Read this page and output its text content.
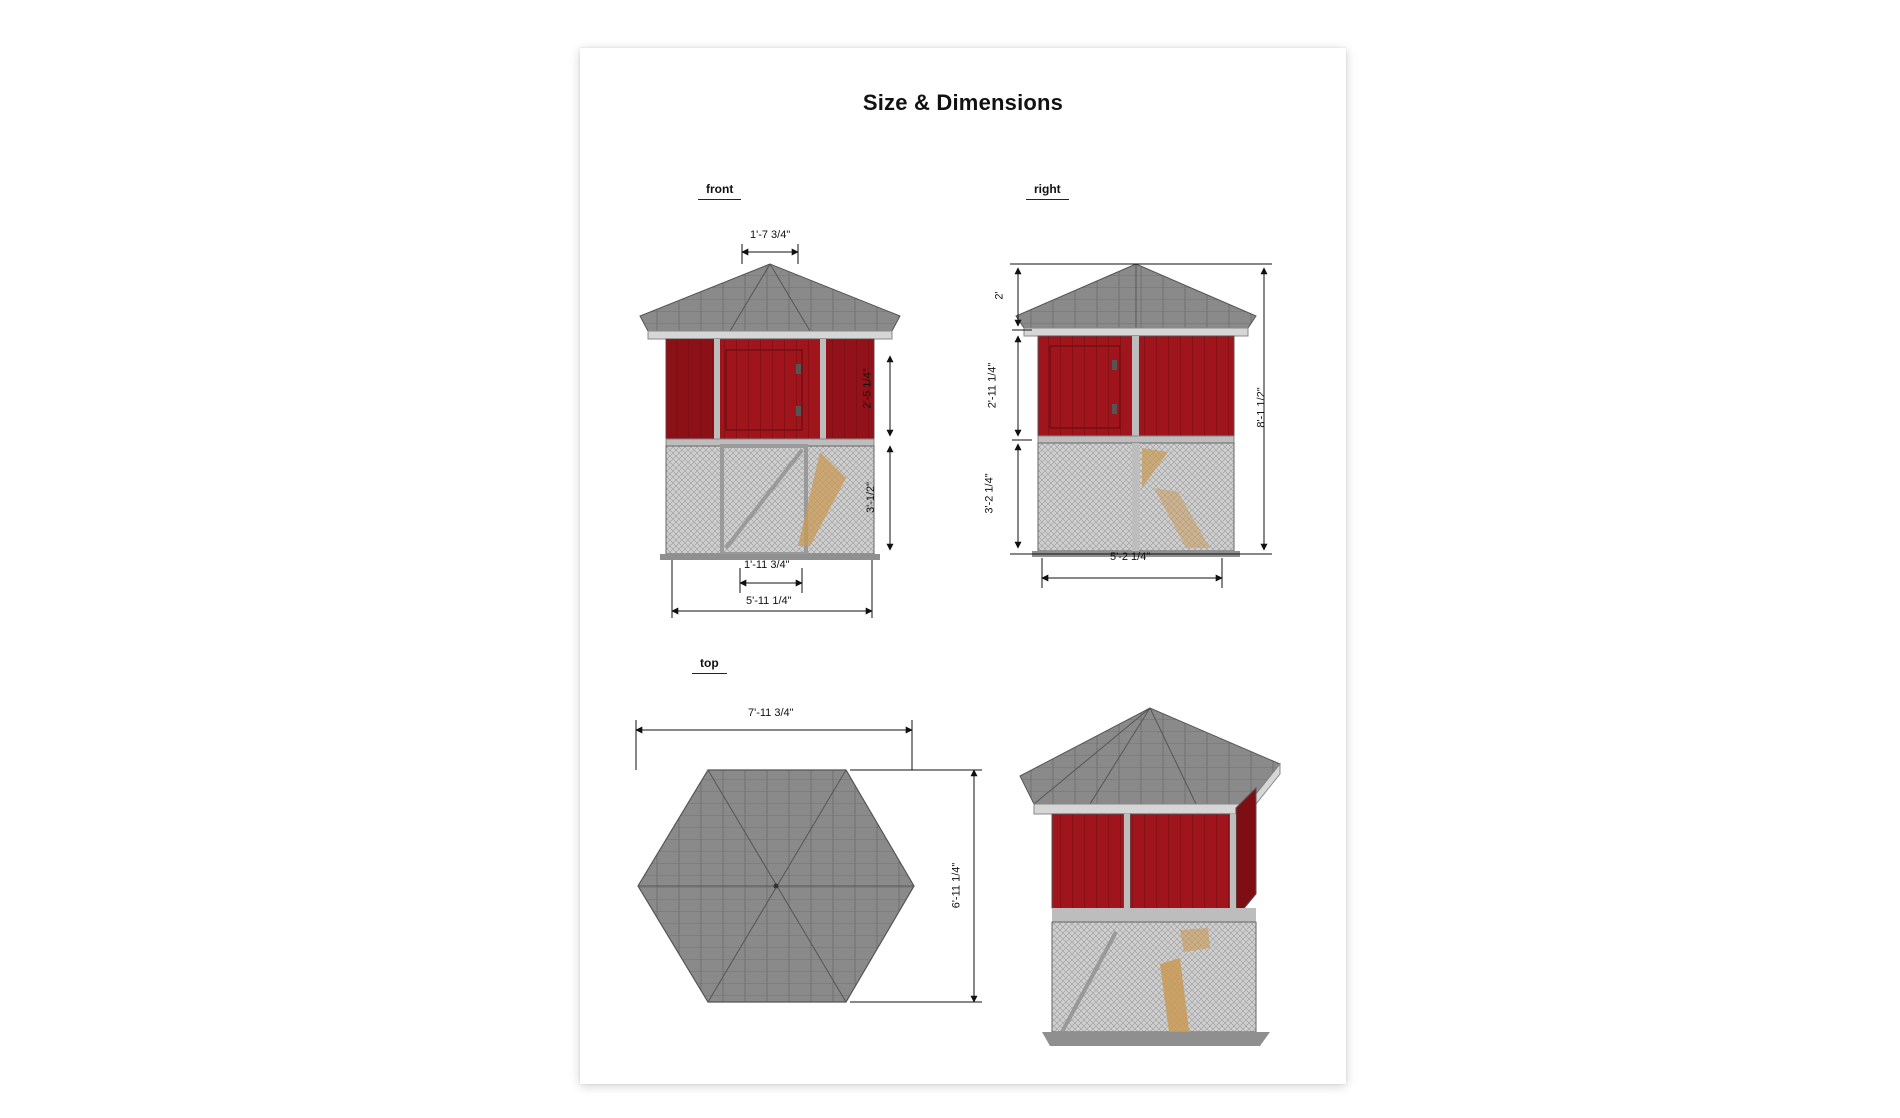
Size & Dimensions
front	right
top
1'-7 3/4"
2'-5 1/4"
3'-1/2"
1'-11 3/4"
5'-11 1/4"
2'
2'-11 1/4"
3'-2 1/4"
8'-1 1/2"
5'-2 1/4"
7'-11 3/4"
6'-11 1/4"
